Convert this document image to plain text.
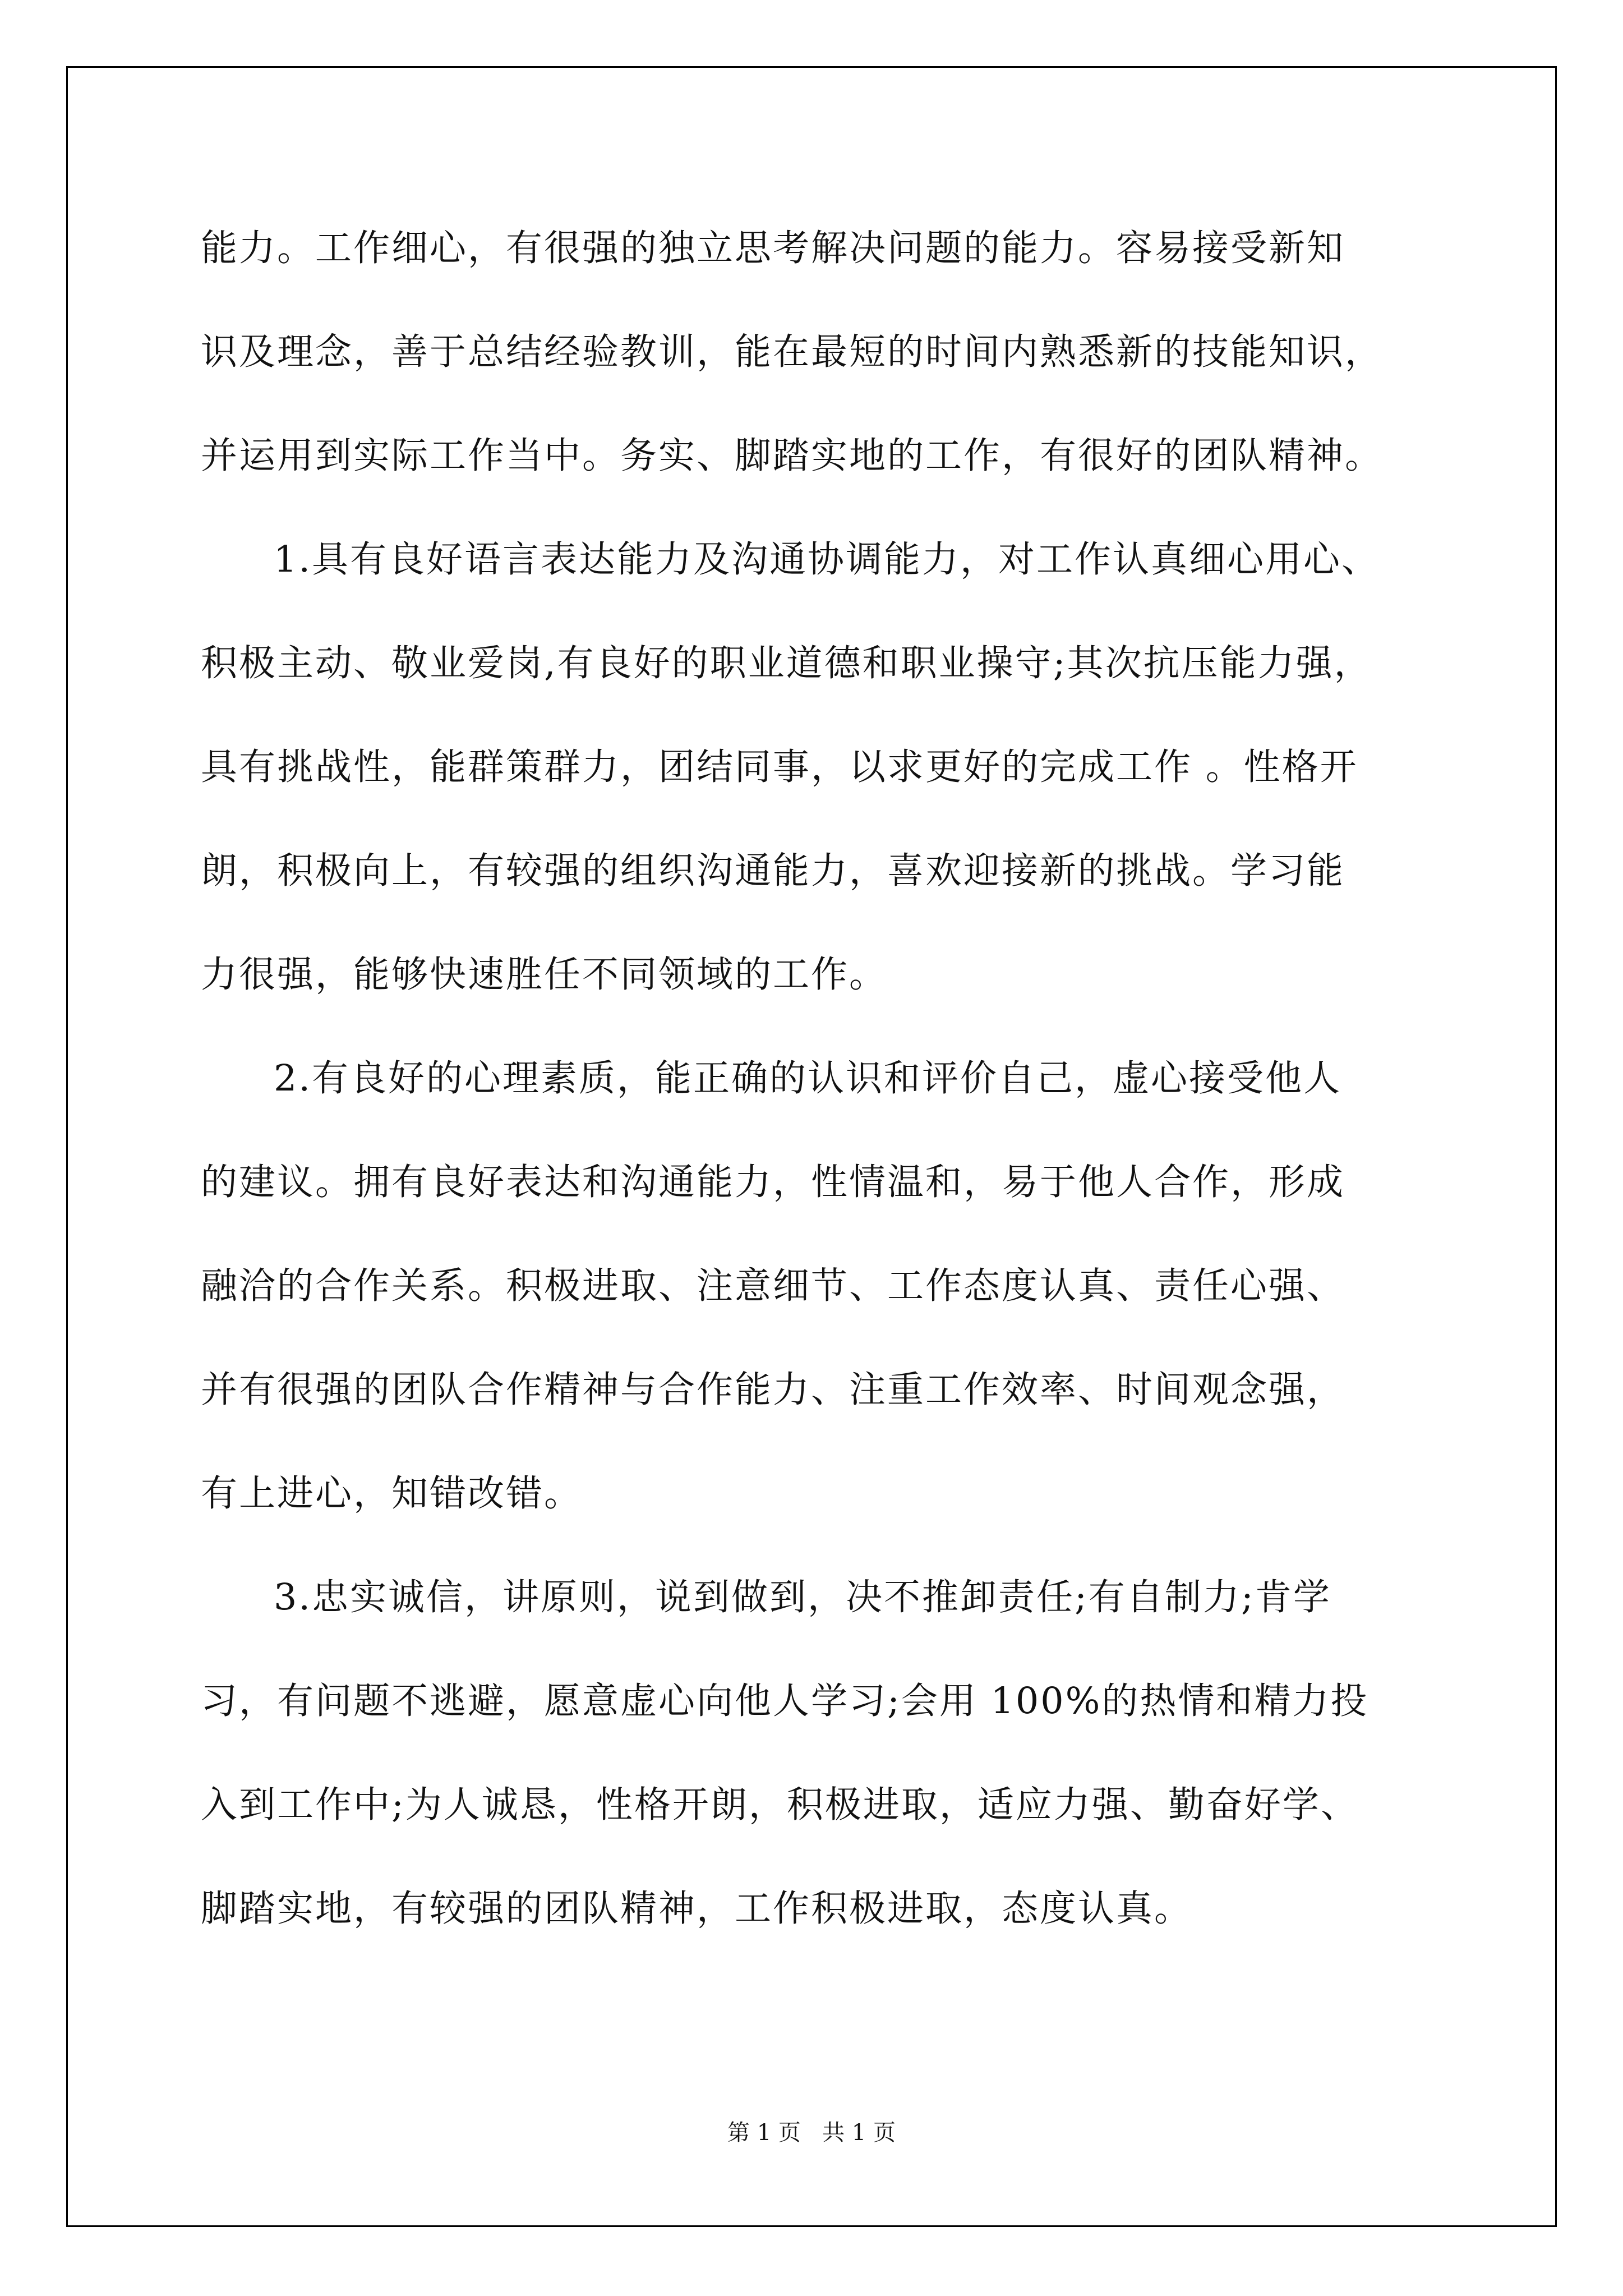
能力。工作细心，有很强的独立思考解决问题的能力。容易接受新知
识及理念，善于总结经验教训，能在最短的时间内熟悉新的技能知识，
并运用到实际工作当中。务实、脚踏实地的工作，有很好的团队精神。
1.具有良好语言表达能力及沟通协调能力，对工作认真细心用心、
积极主动、敬业爱岗,有良好的职业道德和职业操守;其次抗压能力强，
具有挑战性，能群策群力，团结同事，以求更好的完成工作 。性格开
朗，积极向上，有较强的组织沟通能力，喜欢迎接新的挑战。学习能
力很强，能够快速胜任不同领域的工作。
2.有良好的心理素质，能正确的认识和评价自己，虚心接受他人
的建议。拥有良好表达和沟通能力，性情温和，易于他人合作，形成
融洽的合作关系。积极进取、注意细节、工作态度认真、责任心强、
并有很强的团队合作精神与合作能力、注重工作效率、时间观念强，
有上进心，知错改错。
3.忠实诚信，讲原则，说到做到，决不推卸责任;有自制力;肯学
习，有问题不逃避，愿意虚心向他人学习;会用 100%的热情和精力投
入到工作中;为人诚恳，性格开朗，积极进取，适应力强、勤奋好学、
脚踏实地，有较强的团队精神，工作积极进取，态度认真。
第 1 页   共 1 页
